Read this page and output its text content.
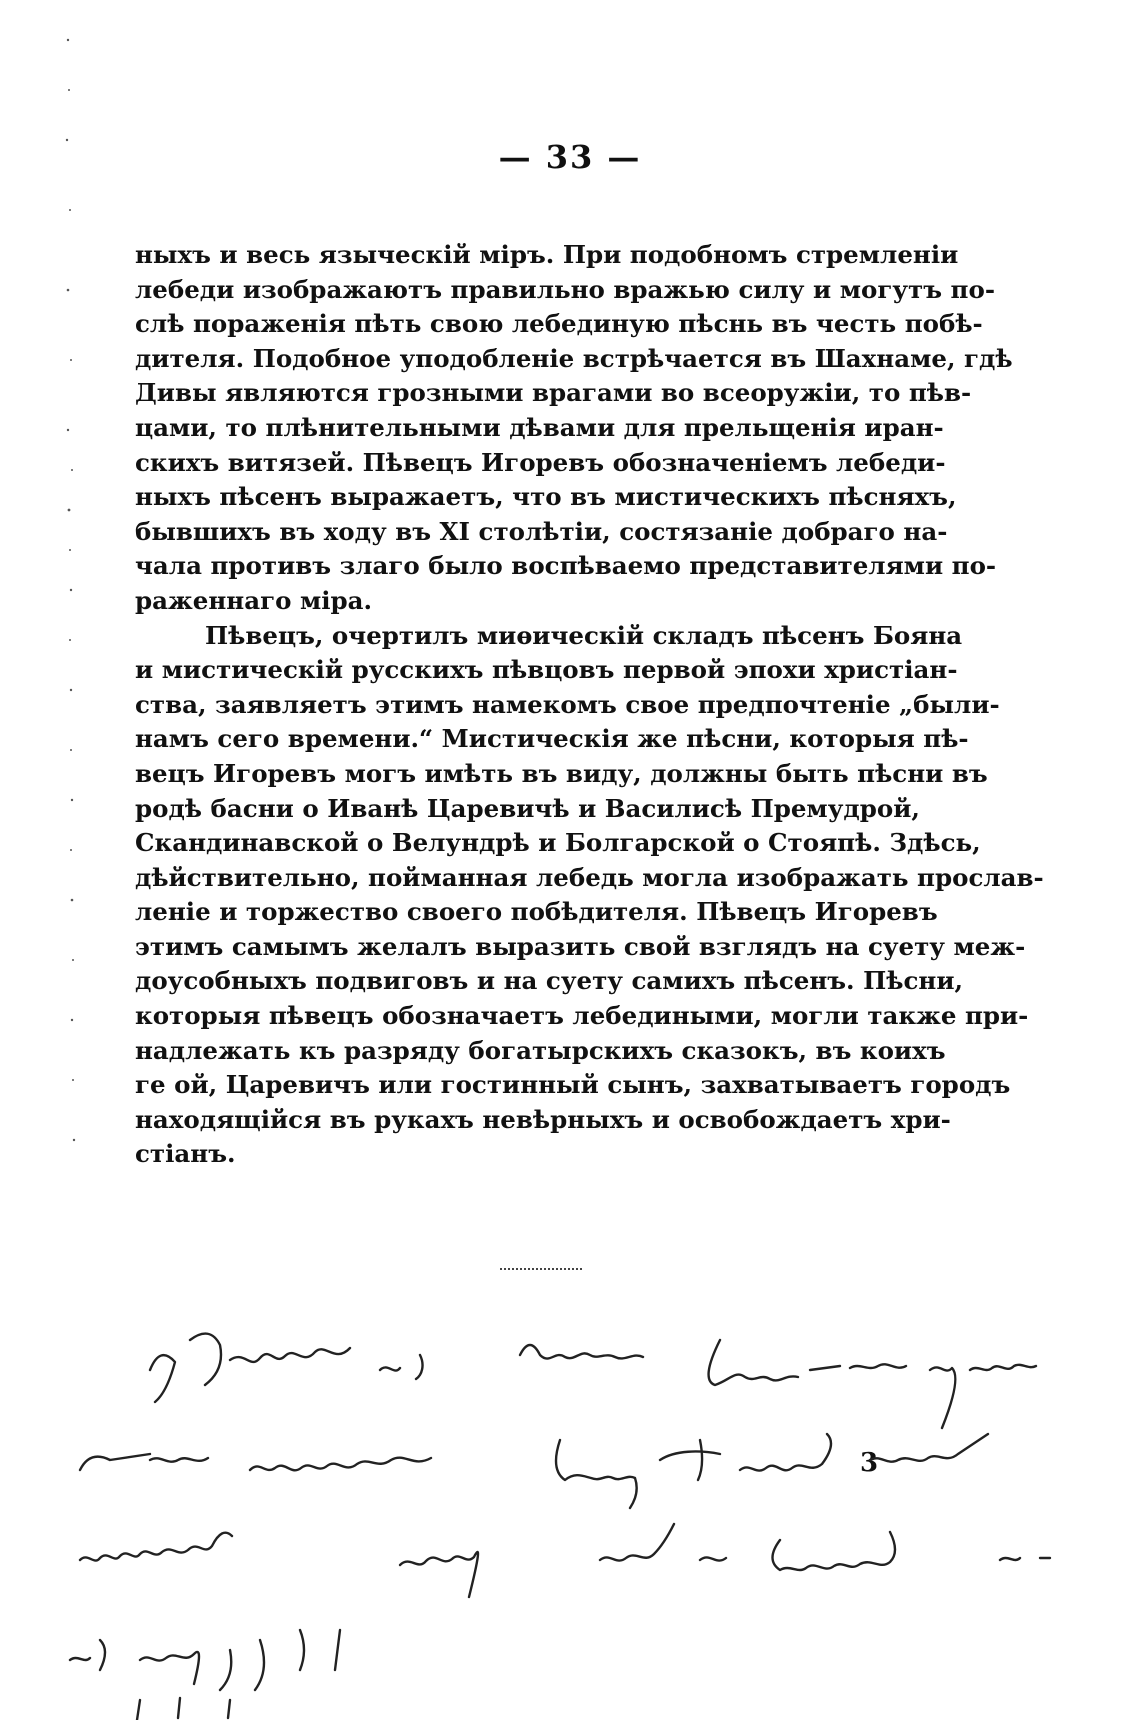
— 33 —
ныхъ и весь языческій міръ. При подобномъ стремленіи
лебеди изображаютъ правильно вражью силу и могутъ по-
слѣ пораженія пѣть свою лебединую пѣснь въ честь побѣ-
дителя. Подобное уподобленіе встрѣчается въ Шахнаме, гдѣ
Дивы являются грозными врагами во всеоружіи, то пѣв-
цами, то плѣнительными дѣвами для прельщенія иран-
скихъ витязей. Пѣвецъ Игоревъ обозначеніемъ лебеди-
ныхъ пѣсенъ выражаетъ, что въ мистическихъ пѣсняхъ,
бывшихъ въ ходу въ XI столѣтіи, состязаніе добраго на-
чала противъ злаго было воспѣваемо представителями по-
раженнаго міра.
Пѣвецъ, очертилъ миѳическій складъ пѣсенъ Бояна
и мистическій русскихъ пѣвцовъ первой эпохи христіан-
ства, заявляетъ этимъ намекомъ свое предпочтеніе „были-
намъ сего времени.“ Мистическія же пѣсни, которыя пѣ-
вецъ Игоревъ могъ имѣть въ виду, должны быть пѣсни въ
родѣ басни о Иванѣ Царевичѣ и Василисѣ Премудрой,
Скандинавской о Велундрѣ и Болгарской о Стояпѣ. Здѣсь,
дѣйствительно, пойманная лебедь могла изображать прослав-
леніе и торжество своего побѣдителя. Пѣвецъ Игоревъ
этимъ самымъ желалъ выразить свой взглядъ на суету меж-
доусобныхъ подвиговъ и на суету самихъ пѣсенъ. Пѣсни,
которыя пѣвецъ обозначаетъ лебедиными, могли также при-
надлежать къ разряду богатырскихъ сказокъ, въ коихъ
ге ой, Царевичъ или гостинный сынъ, захватываетъ городъ
находящійся въ рукахъ невѣрныхъ и освобождаетъ хри-
стіанъ.
3
